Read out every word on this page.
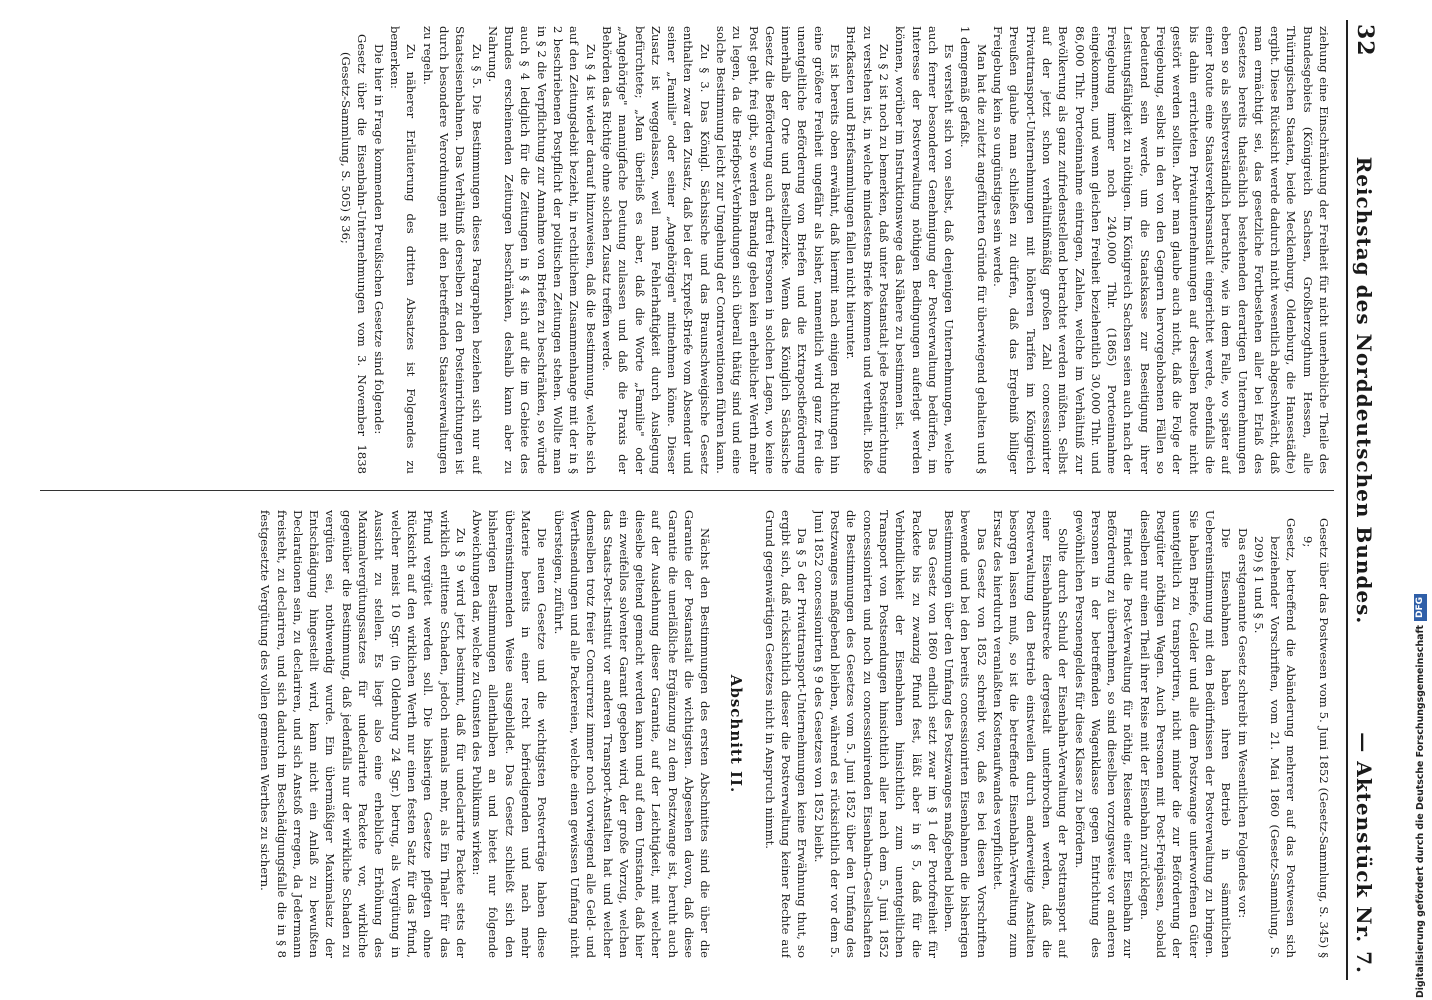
32
Reichstag des Norddeutschen Bundes.
—
Aktenstück Nr. 7.

ziehung eine Einschränkung der Freiheit für nicht unerhebliche Theile des Bundesgebiets (Königreich Sachsen, Großherzogthum Hessen, alle Thüringischen Staaten, beide Mecklenburg, Oldenburg, die Hansestädte) ergibt. Diese Rücksicht werde dadurch nicht wesentlich abgeschwächt, daß man ermächtigt sei, das gesetzliche Fortbestehen aller bei Erlaß des Gesetzes bereits thatsächlich bestehenden derartigen Unternehmungen eben so als selbstverständlich betrachte, wie in dem Falle, wo später auf einer Route eine Staatsverkehrsanstalt eingerichtet werde, ebenfalls die bis dahin errichteten Privatunternehmungen auf derselben Route nicht gestört werden sollten. Aber man glaube auch nicht, daß die Folge der Freigebung, selbst in den von den Gegnern hervorgehobenen Fällen so bedeutend sein werde, um die Staatskasse zur Beseitigung ihrer Leistungsfähigkeit zu nöthigen. Im Königreich Sachsen seien auch nach der Freigebung immer noch 240,000 Thlr. (1865) Portoeinnahme eingekommen, und wenn gleichen Freiheit beziehentlich 30,000 Thlr. und 86,000 Thlr. Portoeinnahme eintragen, Zahlen, welche im Verhältniß zur Bevölkerung als ganz zufriedenstellend betrachtet werden müßten. Selbst auf der jetzt schon verhältnißmäßig großen Zahl concessionirter Privattransport-Unternehmungen mit höheren Tarifen im Königreich Preußen glaube man schließen zu dürfen, daß das Ergebniß billiger Freigebung kein so ungünstiges sein werde.

Man hat die zuletzt angeführten Gründe für überwiegend gehalten und § 1 demgemäß gefaßt.

Es versteht sich von selbst, daß denjenigen Unternehmungen, welche auch ferner besonderer Genehmigung der Postverwaltung bedürfen, im Interesse der Postverwaltung nöthigen Bedingungen auferlegt werden können, worüber im Instruktionswege das Nähere zu bestimmen ist.

Zu § 2 ist noch zu bemerken, daß unter Postanstalt jede Posteinrichtung zu verstehen ist, in welche mindestens Briefe kommen und vertheilt. Bloße Briefkasten und Briefsammlungen fallen nicht hierunter.

Es ist bereits oben erwähnt, daß hiermit nach einigen Richtungen hin eine größere Freiheit ungefähr als bisher, namentlich wird ganz frei die unentgeltliche Beförderung von Briefen und die Extrapostbeförderung innerhalb der Orte und Bestellbezirke. Wenn das Königlich Sächsische Gesetz die Beförderung auch artfrei Personen in solchen Lagen, wo keine Post geht, frei gibt, so werden Brandig geben kein erheblicher Werth mehr zu legen, da die Briefpost-Verbindungen sich überall thätig sind und eine solche Bestimmung leicht zur Umgehung der Contraventionen führen kann.

Zu § 3. Das Königl. Sächsische und das Braunschweigische Gesetz enthalten zwar den Zusatz, daß bei der Expreß-Briefe vom Absender und seiner „Familie" oder seiner „Angehörigen" mitnehmen könne. Dieser Zusatz ist weggelassen, weil man Fehlerhaftigkeit durch Auslegung befürchtete; „Man überließ es aber, daß die Worte „Familie" oder „Angehörige" mannigfache Deutung zulassen und daß die Praxis der Behörden das Richtige ohne solchen Zusatz treffen werde.

Zu § 4 ist wieder darauf hinzuweisen, daß die Bestimmung, welche sich auf den Zeitungsdebit bezieht, in rechtlichem Zusammenhange mit der in § 2 beschriebenen Postpflicht der politischen Zeitungen stehen. Wollte man in § 2 die Verpflichtung zur Annahme von Briefen zu beschränken, so würde auch § 4 lediglich für die Zeitungen in § 4 sich auf die im Gebiete des Bundes erscheinenden Zeitungen beschränken, deshalb kann aber zu Nahrung.

Zu § 5. Die Bestimmungen dieses Paragraphen beziehen sich nur auf Staatseisenbahnen. Das Verhältniß derselben zu den Posteinrichtungen ist durch besondere Verordnungen mit den betreffenden Staatsverwaltungen zu regeln.

Zu näherer Erläuterung des dritten Absatzes ist Folgendes zu bemerken:

Die hier in Frage kommenden Preußischen Gesetze sind folgende:

Gesetz über die Eisenbahn-Unternehmungen vom 3. November 1838 (Gesetz-Sammlung, S. 505) § 36;

Gesetz über das Postwesen vom 5. Juni 1852 (Gesetz-Sammlung, S. 345) § 9;

Gesetz, betreffend die Abänderung mehrerer auf das Postwesen sich beziehender Vorschriften, vom 21. Mai 1860 (Gesetz-Sammlung, S. 209) § 1 und § 5.

Das erstgenannte Gesetz schreibt im Wesentlichen Folgendes vor:

Die Eisenbahnen haben ihren Betrieb in sämmtlichen Uebereinstimmung mit den Bedürfnissen der Postverwaltung zu bringen. Sie haben Briefe, Gelder und alle dem Postzwange unterworfenen Güter unentgeltlich zu transportiren, nicht minder die zur Beförderung der Postgüter nöthigen Wagen. Auch Personen mit Post-Freipässen, sobald dieselben nur einen Theil ihrer Reise mit der Eisenbahn zurücklegen.

Findet die Post-Verwaltung für nöthig, Reisende einer Eisenbahn zur Beförderung zu übernehmen, so sind dieselben vorzugsweise vor anderen Personen in der betreffenden Wagenklasse gegen Entrichtung des gewöhnlichen Personengeldes für diese Klasse zu befördern.

Sollte durch Schuld der Eisenbahn-Verwaltung der Posttransport auf einer Eisenbahnstrecke dergestalt unterbrochen werden, daß die Postverwaltung den Betrieb einstweilen durch anderweitige Anstalten besorgen lassen muß, so ist die betreffende Eisenbahn-Verwaltung zum Ersatz des hierdurch veranlaßten Kostenaufwandes verpflichtet.

Das Gesetz von 1852 schreibt vor, daß es bei diesen Vorschriften bewende und bei den bereits concessionirten Eisenbahnen die bisherigen Bestimmungen über den Umfang des Postzwanges maßgebend bleiben.

Das Gesetz von 1860 endlich setzt zwar im § 1 der Portofreiheit für Packete bis zu zwanzig Pfund fest, läßt aber in § 5, daß für die Verbindlichkeit der Eisenbahnen hinsichtlich zum unentgeltlichen Transport von Postsendungen hinsichtlich aller nach dem 5. Juni 1852 concessionirten und noch zu concessionirenden Eisenbahn-Gesellschaften die Bestimmungen des Gesetzes vom 5. Juni 1852 über den Umfang des Postzwanges maßgebend bleiben, während es rücksichtlich der vor dem 5. Juni 1852 concessionirten § 9 des Gesetzes von 1852 bleibt.

Da § 5 der Privattransport-Unternehmungen keine Erwähnung thut, so ergibt sich, daß rücksichtlich dieser die Postverwaltung keiner Rechte auf Grund gegenwärtigen Gesetzes nicht in Anspruch nimmt.

Abschnitt II.

Nächst den Bestimmungen des ersten Abschnittes sind die über die Garantie der Postanstalt die wichtigsten. Abgesehen davon, daß diese Garantie die unerläßliche Ergänzung zu dem Postzwange ist, beruht auch auf der Ausdehnung dieser Garantie, auf der Leichtigkeit, mit welcher dieselbe geltend gemacht werden kann und auf dem Umstande, daß hier ein zweifellos solventer Garant gegeben wird, der große Vorzug, welchen das Staats-Post-Institut vor anderen Transport-Anstalten hat und welcher demselben trotz freier Concurrenz immer noch vorwiegend alle Geld- und Werthsendungen und alle Packereien, welche einen gewissen Umfang nicht übersteigen, zuführt.

Die neuen Gesetze und die wichtigsten Postverträge haben diese Materie bereits in einer recht befriedigenden und nach mehr übereinstimmenden Weise ausgebildet. Das Gesetz schließt sich den bisherigen Bestimmungen allenthalben an und bietet nur folgende Abweichungen dar, welche zu Gunsten des Publikums wirken:

Zu § 9 wird jetzt bestimmt, daß für undeclarirte Packete stets der wirklich erlittene Schaden, jedoch niemals mehr, als Ein Thaler für das Pfund vergütet werden soll. Die bisherigen Gesetze pflegten ohne Rücksicht auf den wirklichen Werth nur einen festen Satz für das Pfund, welcher meist 10 Sgr. (in Oldenburg 24 Sgr.) betrug, als Vergütung in Aussicht zu stellen. Es liegt also eine erhebliche Erhöhung des Maximalvergütungssatzes für undeclarirte Packete vor, wirkliche gegenüber die Bestimmung, daß jedenfalls nur der wirkliche Schaden zu vergüten sei, nothwendig wurde. Ein übermäßiger Maximalsatz der Entschädigung hingestellt wird, kann nicht ein Anlaß zu bewußten Declarationen sein, zu declariren, und sich Anstoß erregen, da Jedermann freisteht, zu declariren, und sich dadurch im Beschädigungsfalle die in § 8 festgesetzte Vergütung des vollen gemeinen Werthes zu sichern.	Digitalisierung gefördert durch die Deutsche Forschungsgemeinschaft
DFG
